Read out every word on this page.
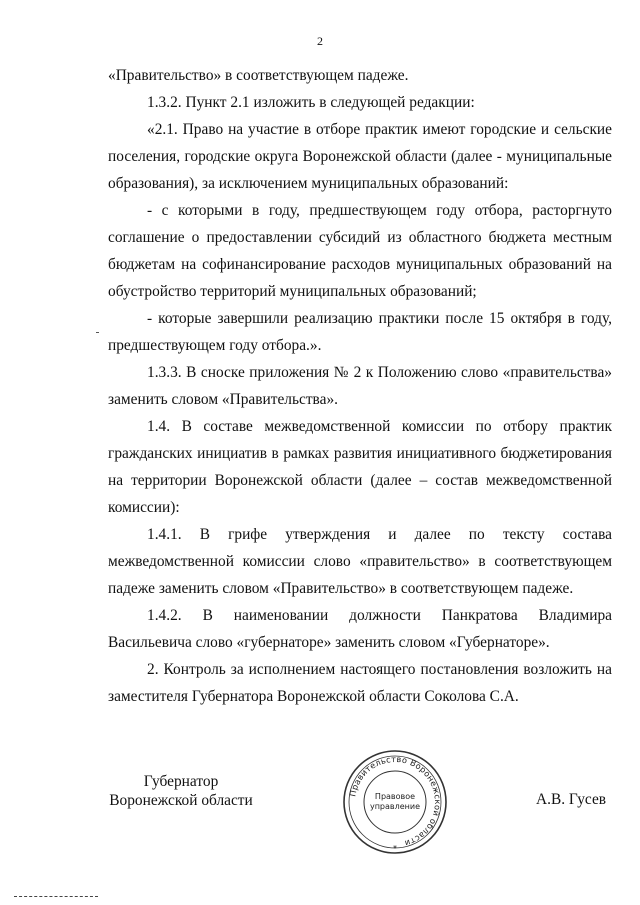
2

«Правительство» в соответствующем падеже.

1.3.2. Пункт 2.1 изложить в следующей редакции:

«2.1. Право на участие в отборе практик имеют городские и сельские поселения, городские округа Воронежской области (далее - муниципальные образования), за исключением муниципальных образований:

- с которыми в году, предшествующем году отбора, расторгнуто соглашение о предоставлении субсидий из областного бюджета местным бюджетам на софинансирование расходов муниципальных образований на обустройство территорий муниципальных образований;

- которые завершили реализацию практики после 15 октября в году, предшествующем году отбора.».

1.3.3. В сноске приложения № 2 к Положению слово «правительства» заменить словом «Правительства».

1.4. В составе межведомственной комиссии по отбору практик гражданских инициатив в рамках развития инициативного бюджетирования на территории Воронежской области (далее – состав межведомственной комиссии):

1.4.1. В грифе утверждения и далее по тексту состава межведомственной комиссии слово «правительство» в соответствующем падеже заменить словом «Правительство» в соответствующем падеже.

1.4.2. В наименовании должности Панкратова Владимира Васильевича слово «губернаторе» заменить словом «Губернаторе».

2. Контроль за исполнением настоящего постановления возложить на заместителя Губернатора Воронежской области Соколова С.А.

Губернатор
Воронежской области	Правительство Воронежской области
Правовое
управление
*
А.В. Гусев
